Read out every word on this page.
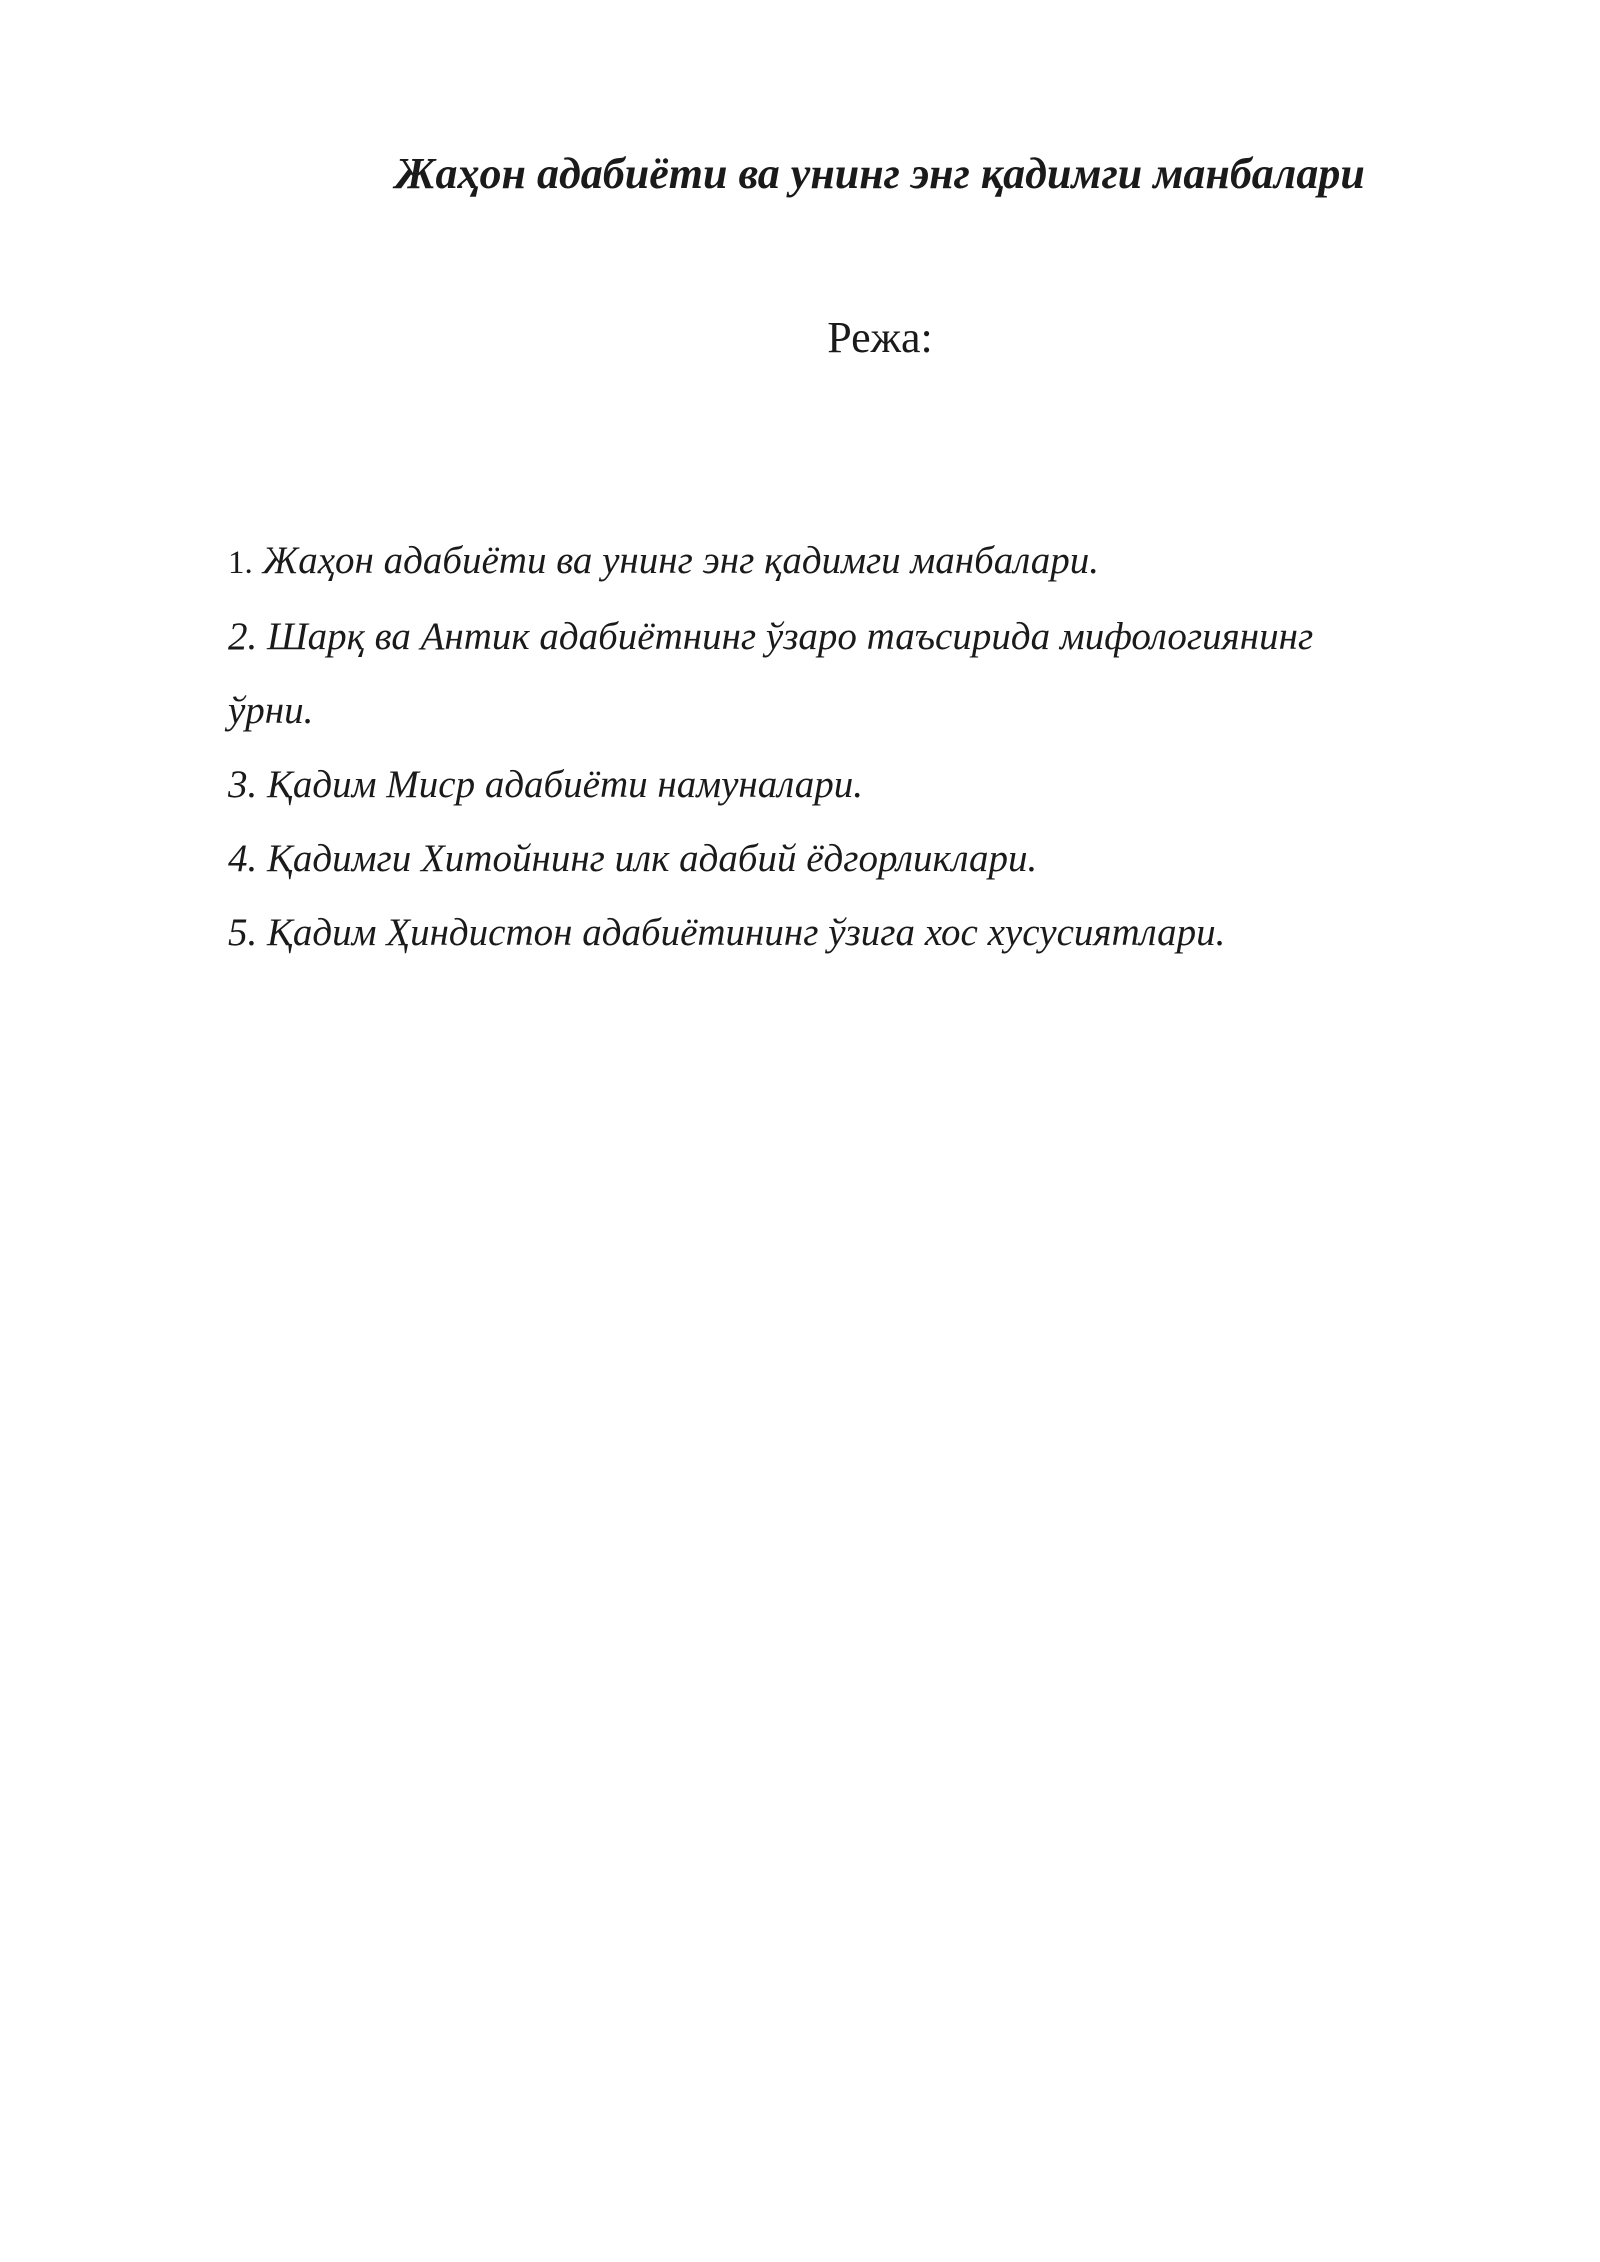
Жаҳон адабиёти ва унинг энг қадимги манбалари
Режа:
1. Жаҳон адабиёти ва унинг энг қадимги манбалари.
2. Шарқ ва Антик адабиётнинг ўзаро таъсирида мифологиянинг
ўрни.
3. Қадим Миср адабиёти намуналари.
4. Қадимги Хитойнинг илк адабий ёдгорликлари.
5. Қадим Ҳиндистон адабиётининг ўзига хос хусусиятлари.
